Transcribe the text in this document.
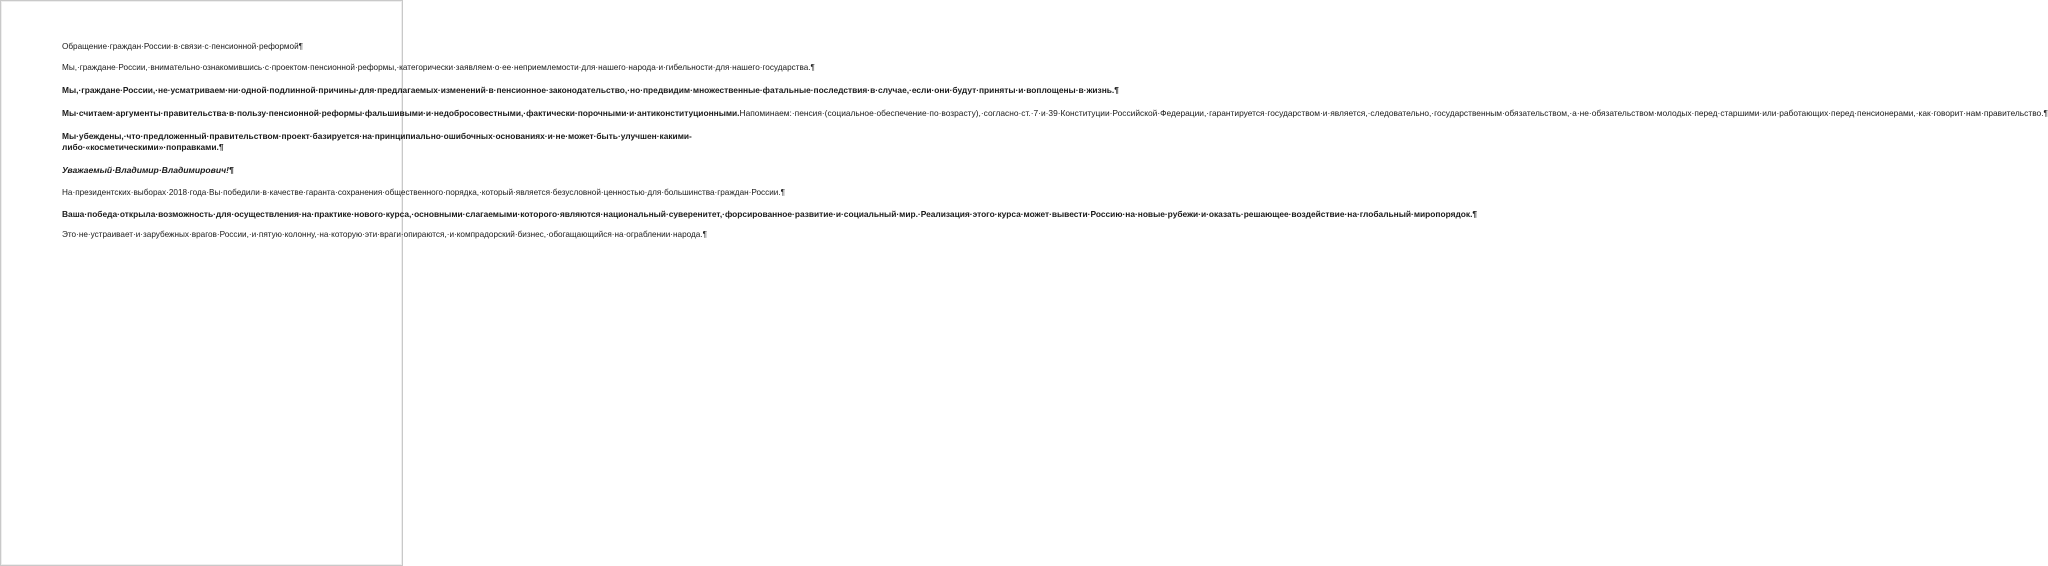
Обращение·граждан·России·в·связи·с·пенсионной·реформой¶

Мы,·граждане·России,·внимательно·ознакомившись·с·проектом·пенсионной·реформы,·категорически·заявляем·о·ее·неприемлемости·для·нашего·народа·и·гибельности·для·нашего·государства.¶

Мы,·граждане·России,·не·усматриваем·ни·одной·подлинной·причины·для·предлагаемых·изменений·в·пенсионное·законодательство,·но·предвидим·множественные·фатальные·последствия·в·случае,·если·они·будут·приняты·и·воплощены·в·жизнь.¶

Мы·считаем·аргументы·правительства·в·пользу·пенсионной·реформы·фальшивыми·и·недобросовестными,·фактически·порочными·и·антиконституционными.Напоминаем:·пенсия·(социальное·обеспечение·по·возрасту),·согласно·ст.·7·и·39·Конституции·Российской·Федерации,·гарантируется·государством·и·является,·следовательно,·государственным·обязательством,·а·не·обязательством·молодых·перед·старшими·или·работающих·перед·пенсионерами,·как·говорит·нам·правительство.¶

Мы·убеждены,·что·предложенный·правительством·проект·базируется·на·принципиально·ошибочных·основаниях·и·не·может·быть·улучшен·какими-либо·«косметическими»·поправками.¶

Уважаемый·Владимир·Владимирович!¶

На·президентских·выборах·2018·года·Вы·победили·в·качестве·гаранта·сохранения·общественного·порядка,·который·является·безусловной·ценностью·для·большинства·граждан·России.¶

Ваша·победа·открыла·возможность·для·осуществления·на·практике·нового·курса,·основными·слагаемыми·которого·являются·национальный·суверенитет,·форсированное·развитие·и·социальный·мир.·Реализация·этого·курса·может·вывести·Россию·на·новые·рубежи·и·оказать·решающее·воздействие·на·глобальный·миропорядок.¶

Это·не·устраивает·и·зарубежных·врагов·России,·и·пятую·колонну,·на·которую·эти·враги·опираются,·и·компрадорский·бизнес,·обогащающийся·на·ограблении·народа.¶
